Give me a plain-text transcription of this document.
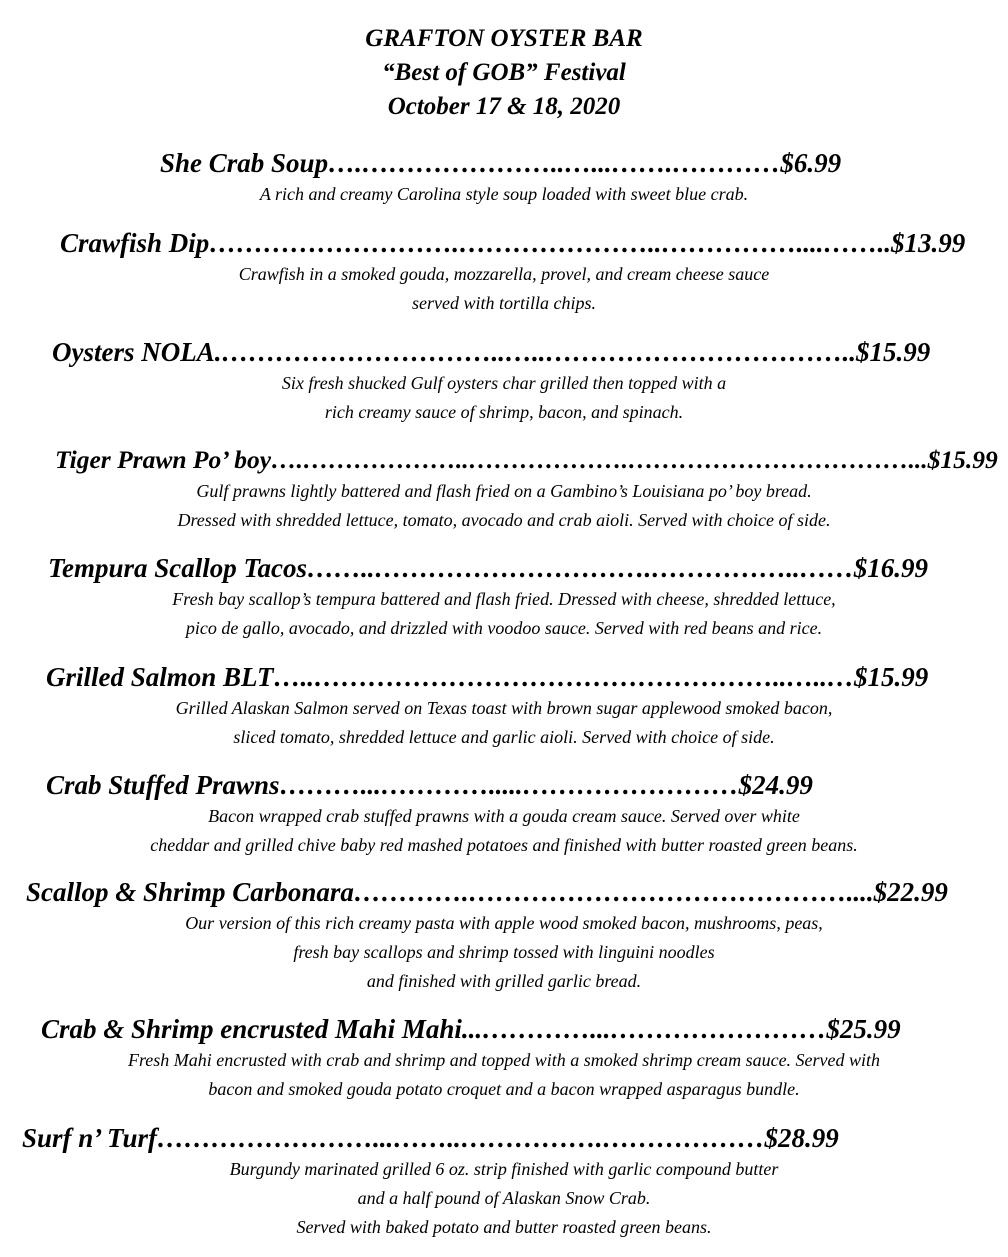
GRAFTON OYSTER BAR
“Best of GOB” Festival
October 17 & 18, 2020
She Crab Soup….…………………..…...…….…………$6.99
A rich and creamy Carolina style soup loaded with sweet blue crab.
Crawfish Dip……………………….…………………..……………....……..$13.99
Crawfish in a smoked gouda, mozzarella, provel, and cream cheese sauce
served with tortilla chips.
Oysters NOLA.…………………………..…..……………………………..$15.99
Six fresh shucked Gulf oysters char grilled then topped with a
rich creamy sauce of shrimp, bacon, and spinach.
Tiger Prawn Po’ boy….………………..……………….……………………………...$15.99
Gulf prawns lightly battered and flash fried on a Gambino’s Louisiana po’ boy bread.
Dressed with shredded lettuce, tomato, avocado and crab aioli. Served with choice of side.
Tempura Scallop Tacos……..………………………….……………..……$16.99
Fresh bay scallop’s tempura battered and flash fried. Dressed with cheese, shredded lettuce,
pico de gallo, avocado, and drizzled with voodoo sauce. Served with red beans and rice.
Grilled Salmon BLT…..……………………………………………..…..…$15.99
Grilled Alaskan Salmon served on Texas toast with brown sugar applewood smoked bacon,
sliced tomato, shredded lettuce and garlic aioli. Served with choice of side.
Crab Stuffed Prawns………...………….....……………………$24.99
Bacon wrapped crab stuffed prawns with a gouda cream sauce. Served over white
cheddar and grilled chive baby red mashed potatoes and finished with butter roasted green beans.
Scallop & Shrimp Carbonara………….……………………………………....$22.99
Our version of this rich creamy pasta with apple wood smoked bacon, mushrooms, peas,
fresh bay scallops and shrimp tossed with linguini noodles
and finished with grilled garlic bread.
Crab & Shrimp encrusted Mahi Mahi...…………...……………………$25.99
Fresh Mahi encrusted with crab and shrimp and topped with a smoked shrimp cream sauce. Served with
bacon and smoked gouda potato croquet and a bacon wrapped asparagus bundle.
Surf n’ Turf……………………...……..…………….………………$28.99
Burgundy marinated grilled 6 oz. strip finished with garlic compound butter
and a half pound of Alaskan Snow Crab.
Served with baked potato and butter roasted green beans.
